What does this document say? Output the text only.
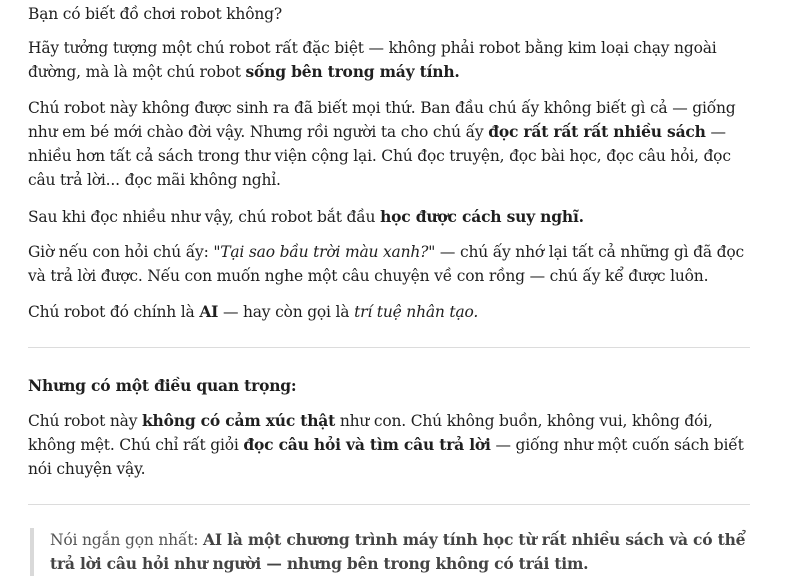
Bạn có biết đồ chơi robot không?

Hãy tưởng tượng một chú robot rất đặc biệt — không phải robot bằng kim loại chạy ngoài đường, mà là một chú robot sống bên trong máy tính.

Chú robot này không được sinh ra đã biết mọi thứ. Ban đầu chú ấy không biết gì cả — giống như em bé mới chào đời vậy. Nhưng rồi người ta cho chú ấy đọc rất rất rất nhiều sách — nhiều hơn tất cả sách trong thư viện cộng lại. Chú đọc truyện, đọc bài học, đọc câu hỏi, đọc câu trả lời... đọc mãi không nghỉ.

Sau khi đọc nhiều như vậy, chú robot bắt đầu học được cách suy nghĩ.

Giờ nếu con hỏi chú ấy: "Tại sao bầu trời màu xanh?" — chú ấy nhớ lại tất cả những gì đã đọc và trả lời được. Nếu con muốn nghe một câu chuyện về con rồng — chú ấy kể được luôn.

Chú robot đó chính là AI — hay còn gọi là trí tuệ nhân tạo.

Nhưng có một điều quan trọng:

Chú robot này không có cảm xúc thật như con. Chú không buồn, không vui, không đói, không mệt. Chú chỉ rất giỏi đọc câu hỏi và tìm câu trả lời — giống như một cuốn sách biết nói chuyện vậy.

Nói ngắn gọn nhất: AI là một chương trình máy tính học từ rất nhiều sách và có thể trả lời câu hỏi như người — nhưng bên trong không có trái tim.
